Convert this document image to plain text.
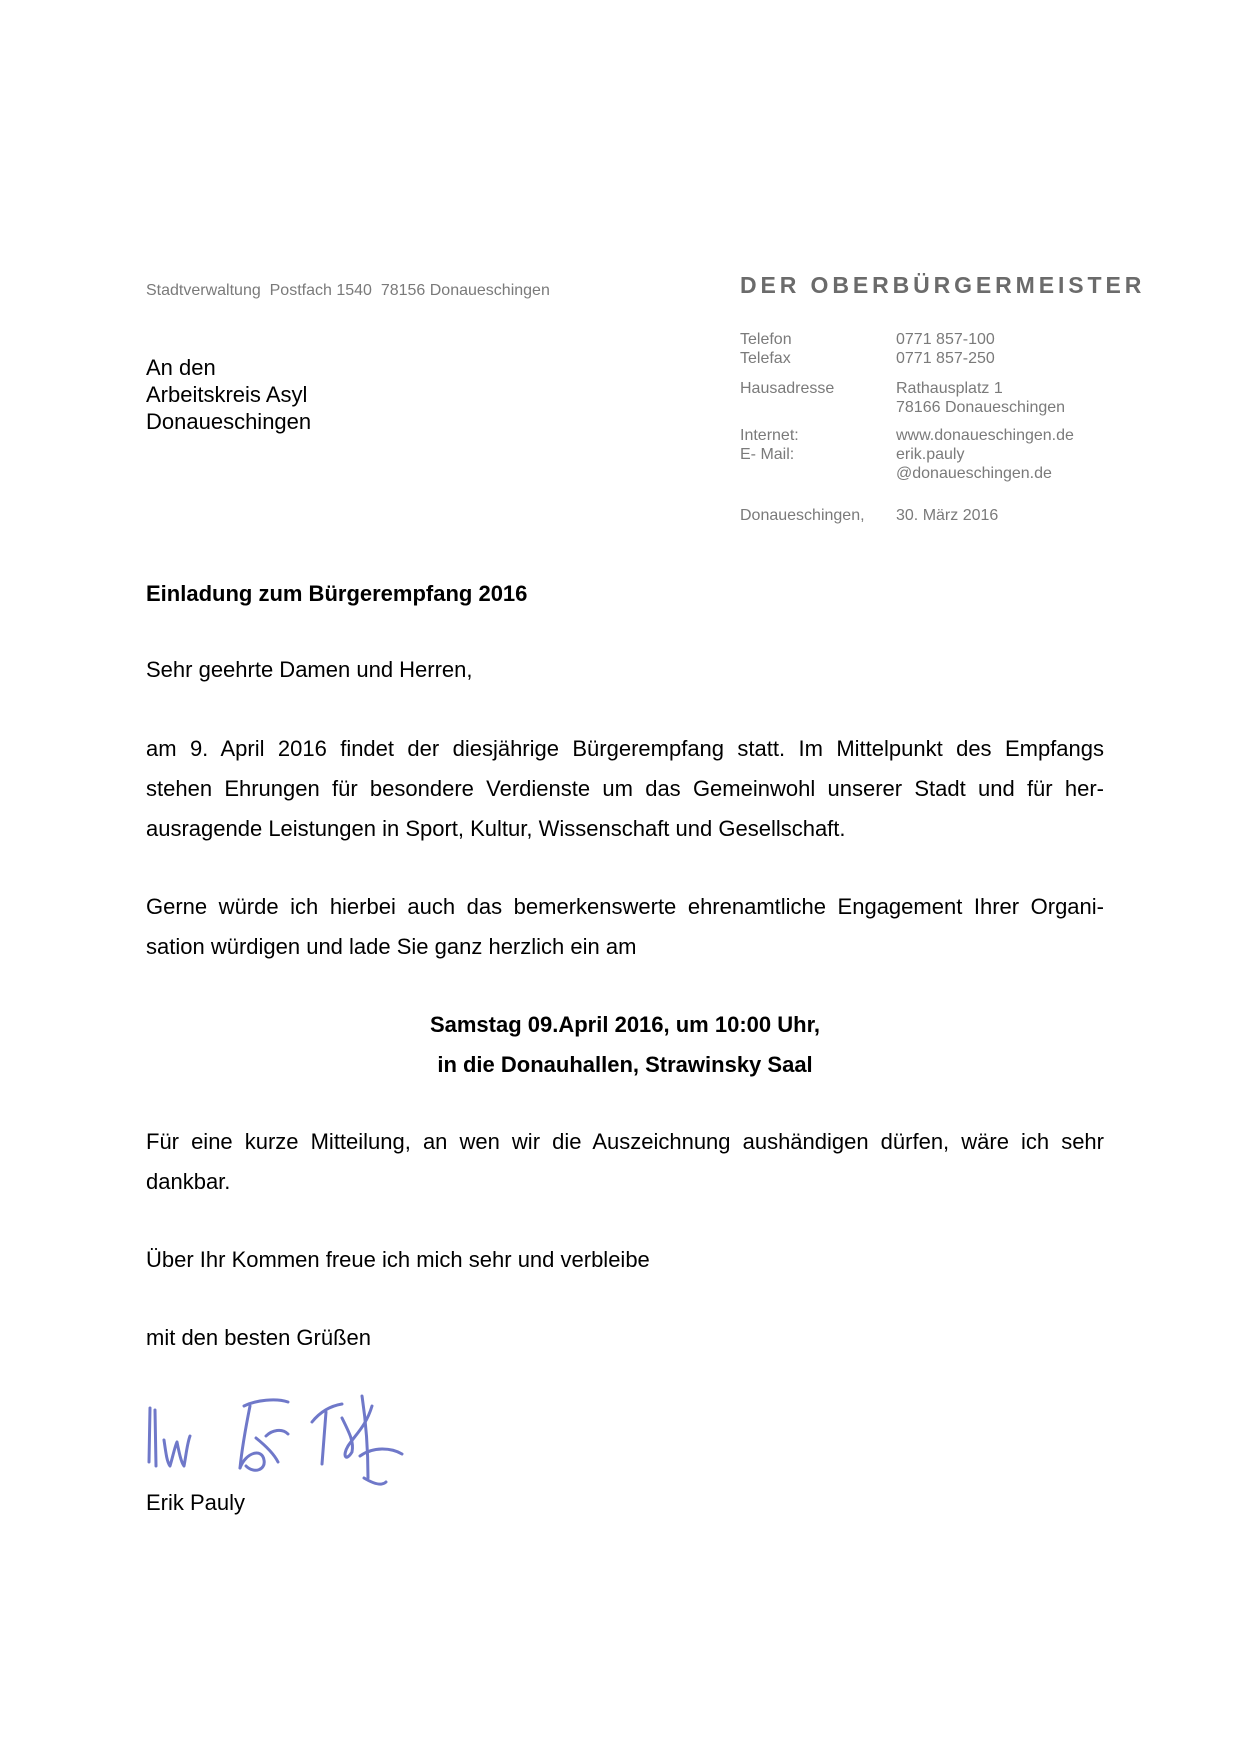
Stadtverwaltung  Postfach 1540  78156 Donaueschingen	DER OBERBÜRGERMEISTER
An den
Arbeitskreis Asyl
Donaueschingen
Telefon	0771 857-100
Telefax	0771 857-250
Hausadresse	Rathausplatz 1
78166 Donaueschingen
Internet:	www.donaueschingen.de
E- Mail:	erik.pauly
@donaueschingen.de
Donaueschingen, 30. März 2016
Einladung zum Bürgerempfang 2016
Sehr geehrte Damen und Herren,
am 9. April 2016 findet der diesjährige Bürgerempfang statt. Im Mittelpunkt des Empfangs
stehen Ehrungen für besondere Verdienste um das Gemeinwohl unserer Stadt und für her-
ausragende Leistungen in Sport, Kultur, Wissenschaft und Gesellschaft.
Gerne würde ich hierbei auch das bemerkenswerte ehrenamtliche Engagement Ihrer Organi-
sation würdigen und lade Sie ganz herzlich ein am
Samstag 09.April 2016, um 10:00 Uhr,
in die Donauhallen, Strawinsky Saal
Für eine kurze Mitteilung, an wen wir die Auszeichnung aushändigen dürfen, wäre ich sehr
dankbar.
Über Ihr Kommen freue ich mich sehr und verbleibe
mit den besten Grüßen
Erik Pauly
